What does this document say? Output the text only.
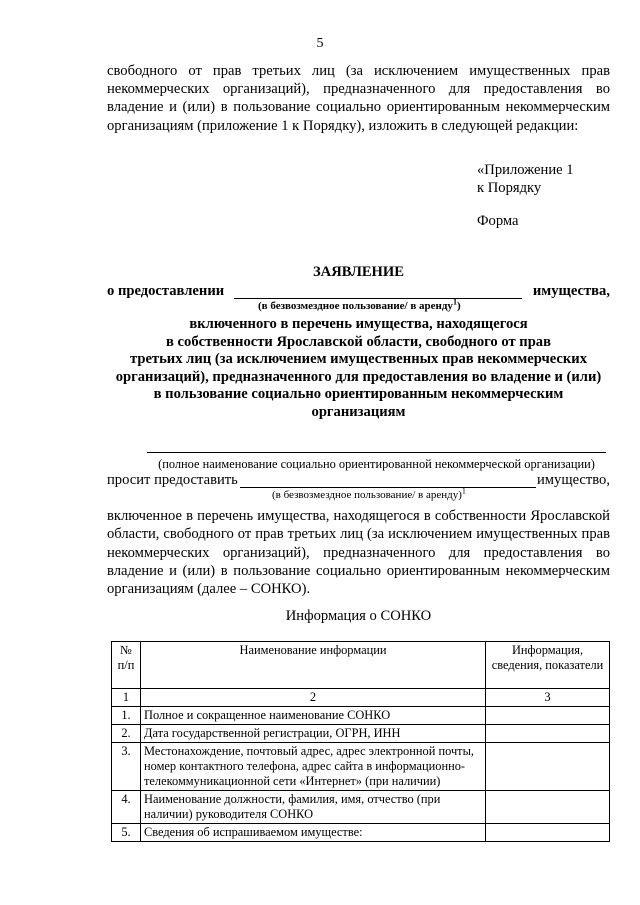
5
свободного от прав третьих лиц (за исключением имущественных прав некоммерческих организаций), предназначенного для предоставления во владение и (или) в пользование социально ориентированным некоммерческим организациям (приложение 1 к Порядку), изложить в следующей редакции:
«Приложение 1
к Порядку
Форма
ЗАЯВЛЕНИЕ
о предоставлении	имущества,
(в безвозмездное пользование/ в аренду$^1$)
включенного в перечень имущества, находящегося
в собственности Ярославской области, свободного от прав
третьих лиц (за исключением имущественных прав некоммерческих
организаций), предназначенного для предоставления во владение и (или)
в пользование социально ориентированным некоммерческим
организациям
(полное наименование социально ориентированной некоммерческой организации)
просит предоставить	имущество,
(в безвозмездное пользование/ в аренду)$^1$
включенное в перечень имущества, находящегося в собственности Ярославской области, свободного от прав третьих лиц (за исключением имущественных прав некоммерческих организаций), предназначенного для предоставления во владение и (или) в пользование социально ориентированным некоммерческим организациям (далее – СОНКО).
Информация о СОНКО
№ п/п	Наименование информации	Информация, сведения, показатели
1	2	3
1.	Полное и сокращенное наименование СОНКО	
2.	Дата государственной регистрации, ОГРН, ИНН	
3.	Местонахождение, почтовый адрес, адрес электронной почты, номер контактного телефона, адрес сайта в информационно-телекоммуникационной сети «Интернет» (при наличии)	
4.	Наименование должности, фамилия, имя, отчество (при наличии) руководителя СОНКО	
5.	Сведения об испрашиваемом имуществе:	
